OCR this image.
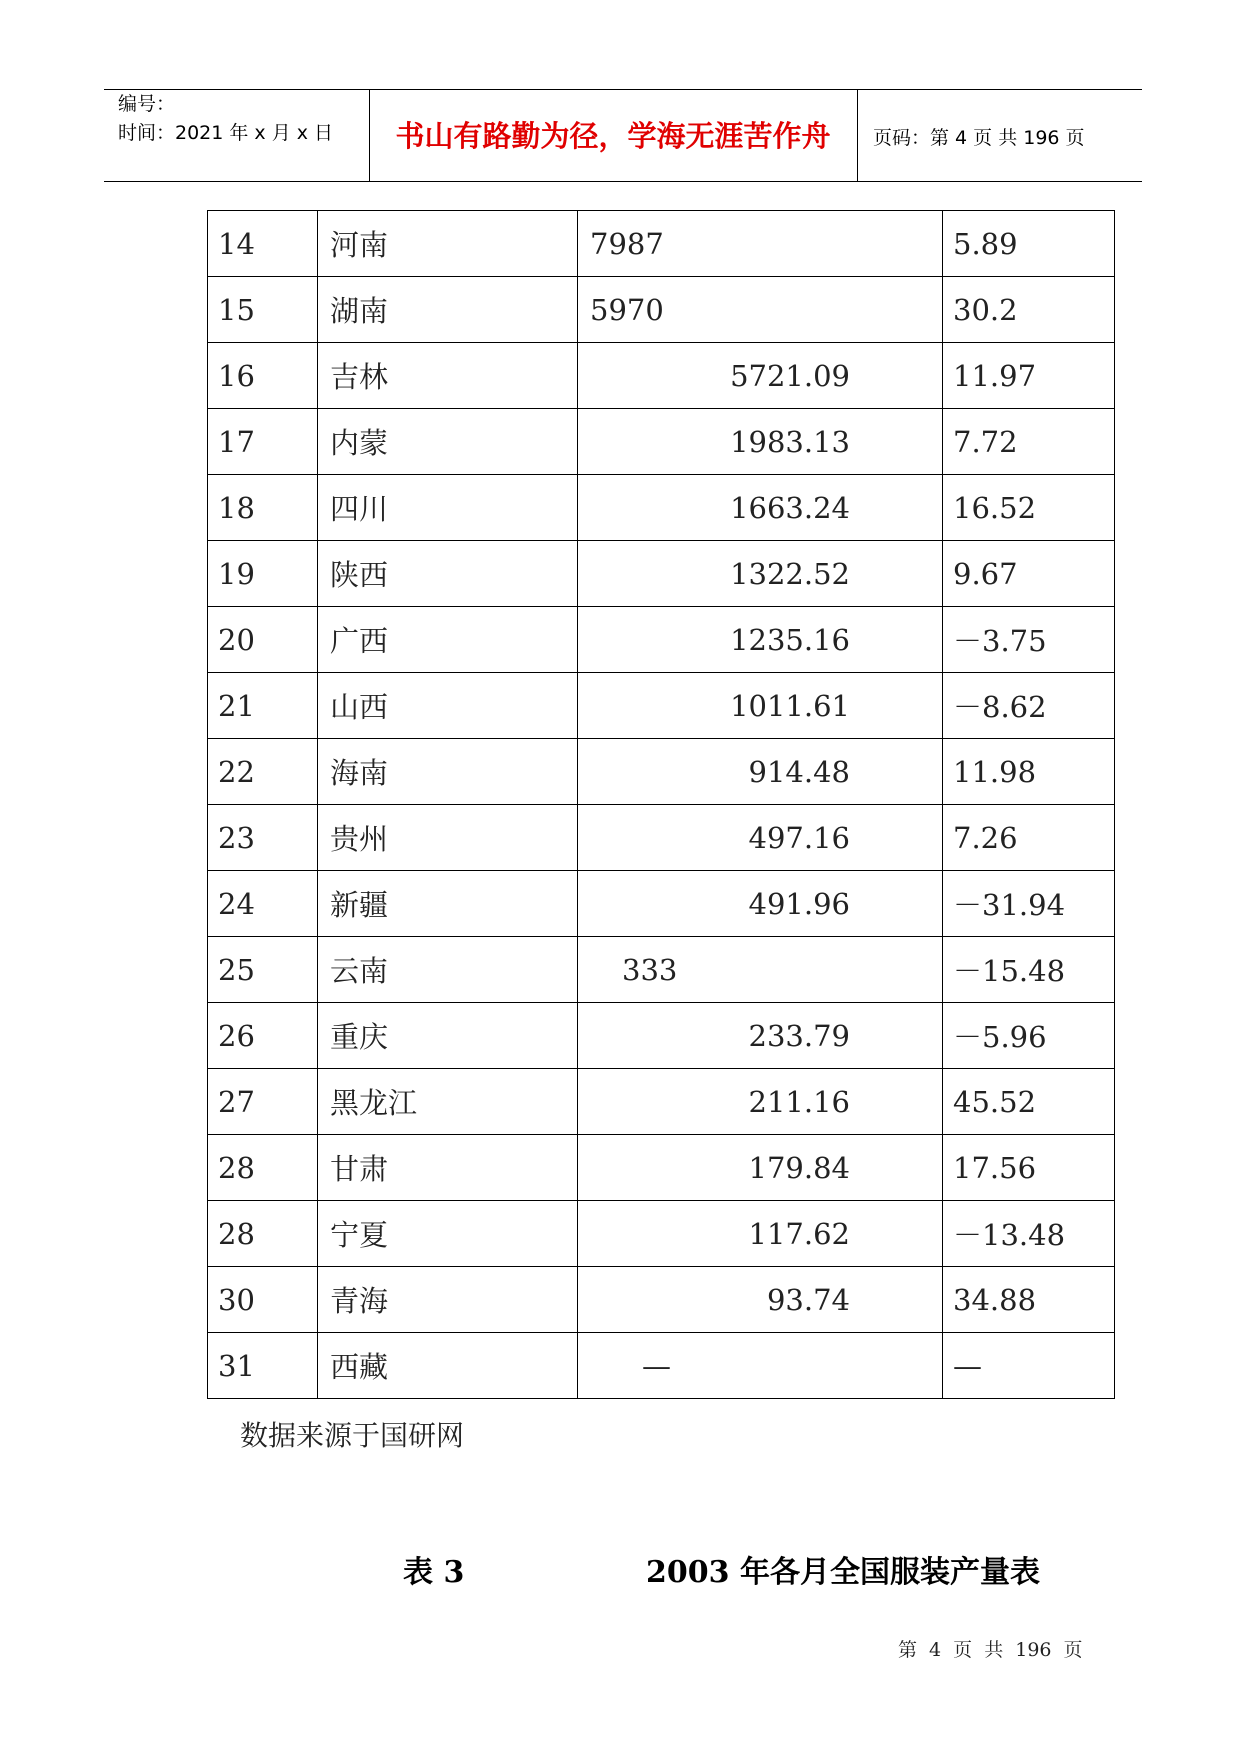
编号：
时间：2021 年 x 月 x 日	书山有路勤为径，学海无涯苦作舟	页码：第 4 页 共 196 页
14	河南	7987	5.89
15	湖南	5970	30.2
16	吉林	5721.09	11.97
17	内蒙	1983.13	7.72
18	四川	1663.24	16.52
19	陕西	1322.52	9.67
20	广西	1235.16	－3.75
21	山西	1011.61	－8.62
22	海南	914.48	11.98
23	贵州	497.16	7.26
24	新疆	491.96	－31.94
25	云南	333	－15.48
26	重庆	233.79	－5.96
27	黑龙江	211.16	45.52
28	甘肃	179.84	17.56
28	宁夏	117.62	－13.48
30	青海	93.74	34.88
31	西藏	—	—
数据来源于国研网
表 3	2003 年各月全国服装产量表
第 4 页 共 196 页
